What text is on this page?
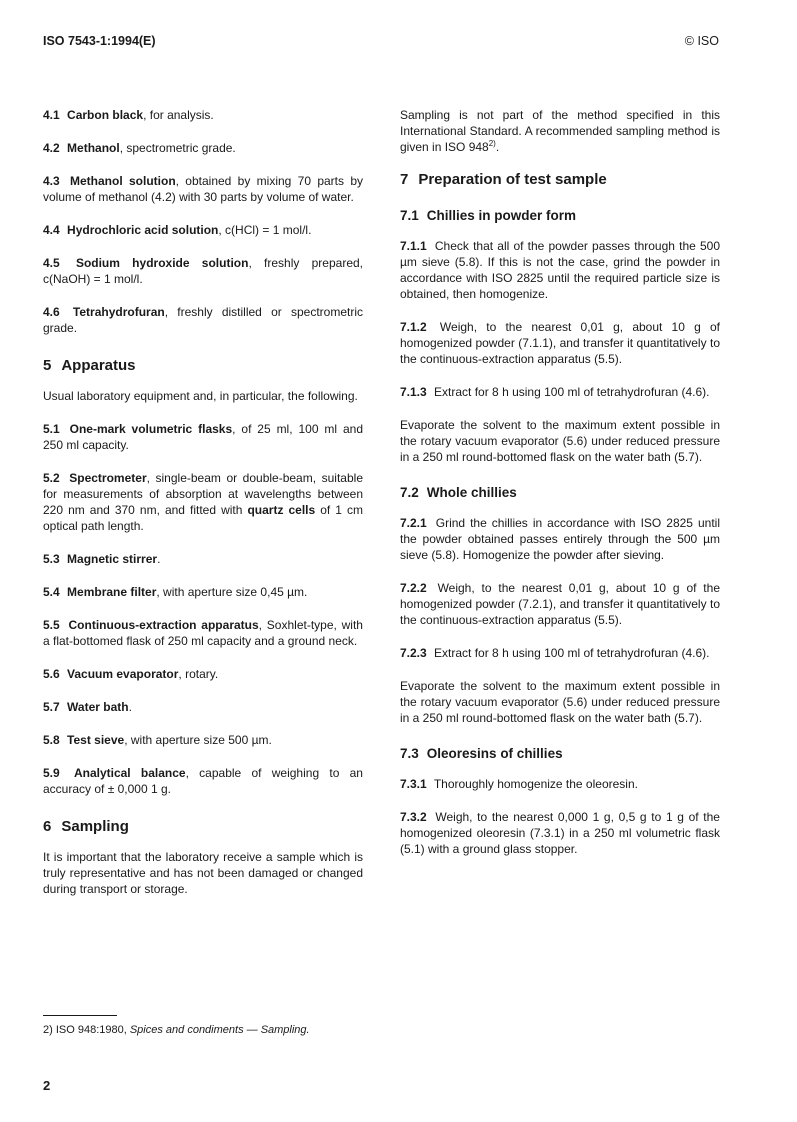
ISO 7543-1:1994(E)	© ISO
4.1 Carbon black, for analysis.
4.2 Methanol, spectrometric grade.
4.3 Methanol solution, obtained by mixing 70 parts by volume of methanol (4.2) with 30 parts by volume of water.
4.4 Hydrochloric acid solution, c(HCl) = 1 mol/l.
4.5 Sodium hydroxide solution, freshly prepared, c(NaOH) = 1 mol/l.
4.6 Tetrahydrofuran, freshly distilled or spectrometric grade.
5 Apparatus
Usual laboratory equipment and, in particular, the following.
5.1 One-mark volumetric flasks, of 25 ml, 100 ml and 250 ml capacity.
5.2 Spectrometer, single-beam or double-beam, suitable for measurements of absorption at wavelengths between 220 nm and 370 nm, and fitted with quartz cells of 1 cm optical path length.
5.3 Magnetic stirrer.
5.4 Membrane filter, with aperture size 0,45 µm.
5.5 Continuous-extraction apparatus, Soxhlet-type, with a flat-bottomed flask of 250 ml capacity and a ground neck.
5.6 Vacuum evaporator, rotary.
5.7 Water bath.
5.8 Test sieve, with aperture size 500 µm.
5.9 Analytical balance, capable of weighing to an accuracy of ± 0,000 1 g.
6 Sampling
It is important that the laboratory receive a sample which is truly representative and has not been damaged or changed during transport or storage.
Sampling is not part of the method specified in this International Standard. A recommended sampling method is given in ISO 948$^{2)}$.
7 Preparation of test sample
7.1 Chillies in powder form
7.1.1 Check that all of the powder passes through the 500 µm sieve (5.8). If this is not the case, grind the powder in accordance with ISO 2825 until the required particle size is obtained, then homogenize.
7.1.2 Weigh, to the nearest 0,01 g, about 10 g of homogenized powder (7.1.1), and transfer it quantitatively to the continuous-extraction apparatus (5.5).
7.1.3 Extract for 8 h using 100 ml of tetrahydrofuran (4.6).
Evaporate the solvent to the maximum extent possible in the rotary vacuum evaporator (5.6) under reduced pressure in a 250 ml round-bottomed flask on the water bath (5.7).
7.2 Whole chillies
7.2.1 Grind the chillies in accordance with ISO 2825 until the powder obtained passes entirely through the 500 µm sieve (5.8). Homogenize the powder after sieving.
7.2.2 Weigh, to the nearest 0,01 g, about 10 g of the homogenized powder (7.2.1), and transfer it quantitatively to the continuous-extraction apparatus (5.5).
7.2.3 Extract for 8 h using 100 ml of tetrahydrofuran (4.6).
Evaporate the solvent to the maximum extent possible in the rotary vacuum evaporator (5.6) under reduced pressure in a 250 ml round-bottomed flask on the water bath (5.7).
7.3 Oleoresins of chillies
7.3.1 Thoroughly homogenize the oleoresin.
7.3.2 Weigh, to the nearest 0,000 1 g, 0,5 g to 1 g of the homogenized oleoresin (7.3.1) in a 250 ml volumetric flask (5.1) with a ground glass stopper.
2) ISO 948:1980, Spices and condiments — Sampling.
2
